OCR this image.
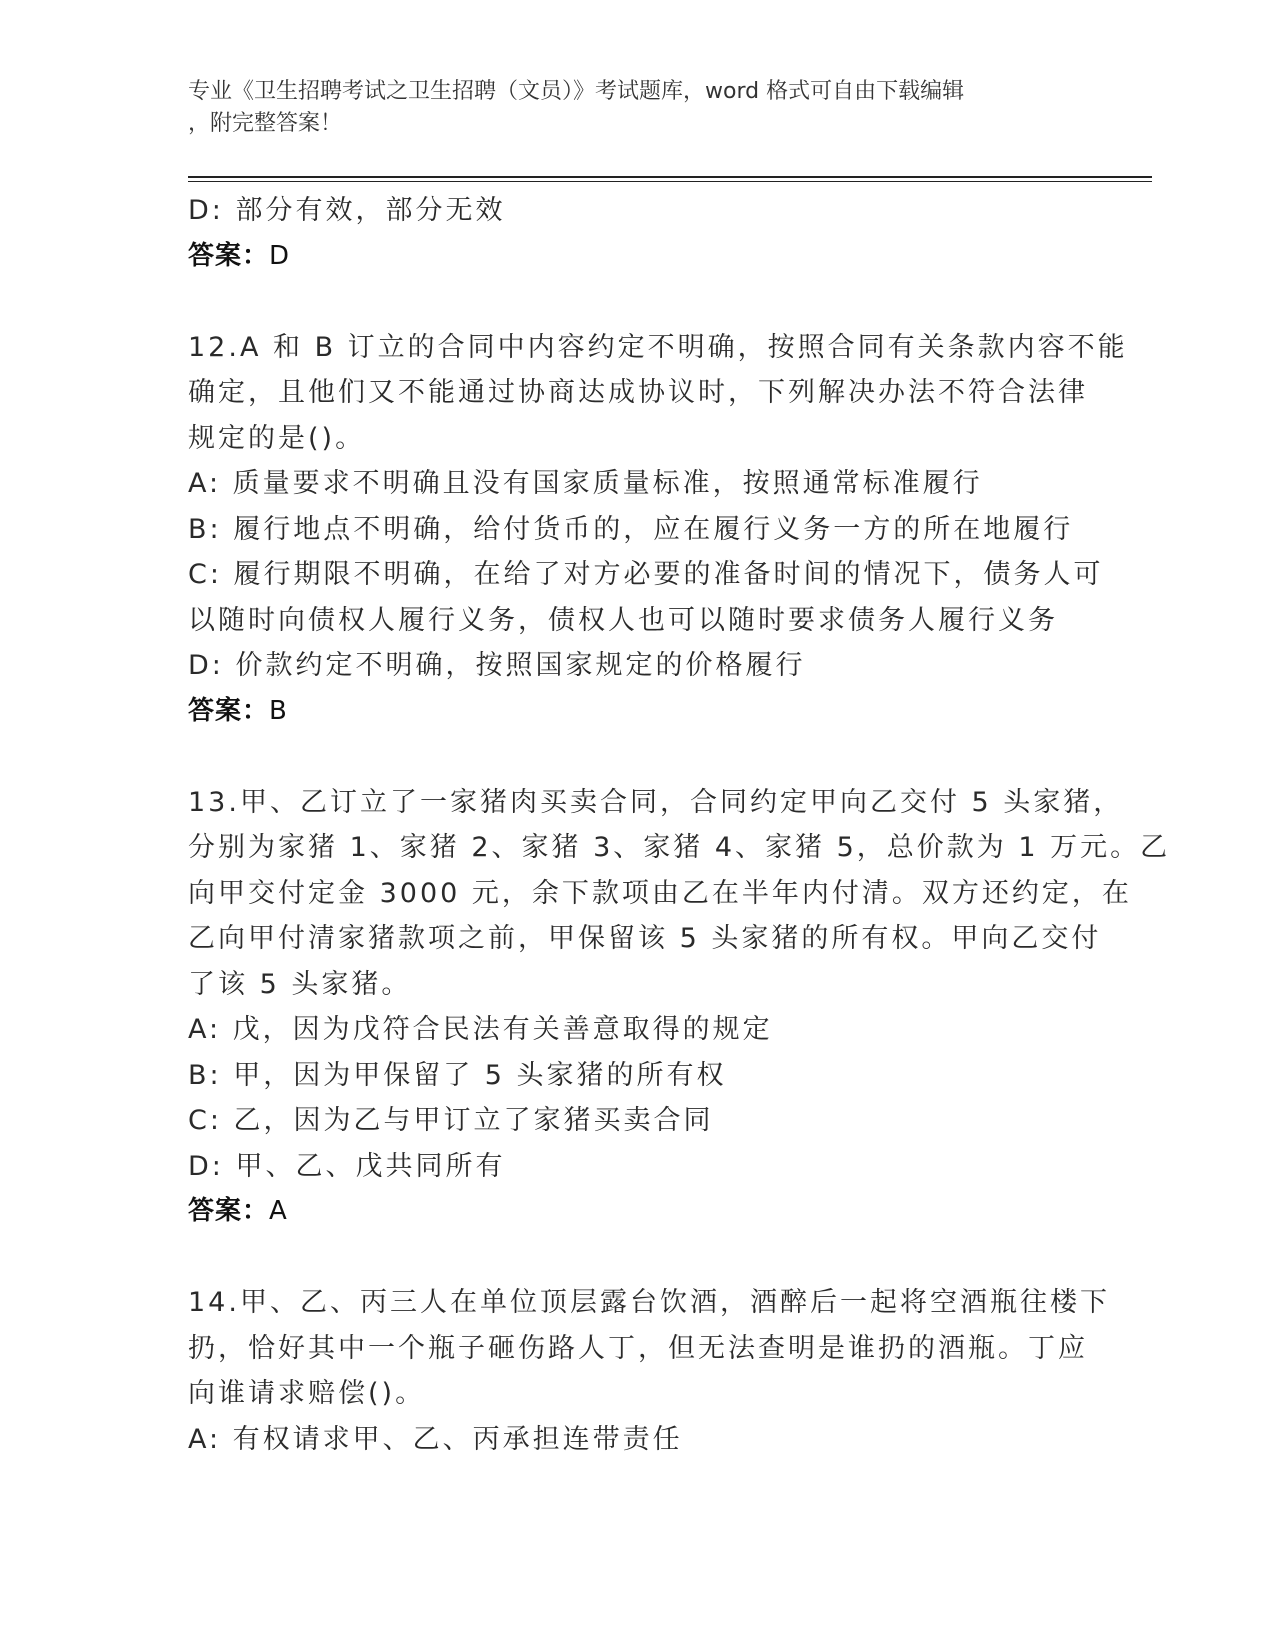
专业《卫生招聘考试之卫生招聘（文员）》考试题库，word 格式可自由下载编辑
，附完整答案！
D: 部分有效，部分无效
答案：D
12.A 和 B 订立的合同中内容约定不明确，按照合同有关条款内容不能
确定，且他们又不能通过协商达成协议时，下列解决办法不符合法律
规定的是()。
A: 质量要求不明确且没有国家质量标准，按照通常标准履行
B: 履行地点不明确，给付货币的，应在履行义务一方的所在地履行
C: 履行期限不明确，在给了对方必要的准备时间的情况下，债务人可
以随时向债权人履行义务，债权人也可以随时要求债务人履行义务
D: 价款约定不明确，按照国家规定的价格履行
答案：B
13.甲、乙订立了一家猪肉买卖合同，合同约定甲向乙交付 5 头家猪，
分别为家猪 1、家猪 2、家猪 3、家猪 4、家猪 5，总价款为 1 万元。乙
向甲交付定金 3000 元，余下款项由乙在半年内付清。双方还约定，在
乙向甲付清家猪款项之前，甲保留该 5 头家猪的所有权。甲向乙交付
了该 5 头家猪。
A: 戊，因为戊符合民法有关善意取得的规定
B: 甲，因为甲保留了 5 头家猪的所有权
C: 乙，因为乙与甲订立了家猪买卖合同
D: 甲、乙、戊共同所有
答案：A
14.甲、乙、丙三人在单位顶层露台饮酒，酒醉后一起将空酒瓶往楼下
扔，恰好其中一个瓶子砸伤路人丁，但无法查明是谁扔的酒瓶。丁应
向谁请求赔偿()。
A: 有权请求甲、乙、丙承担连带责任
